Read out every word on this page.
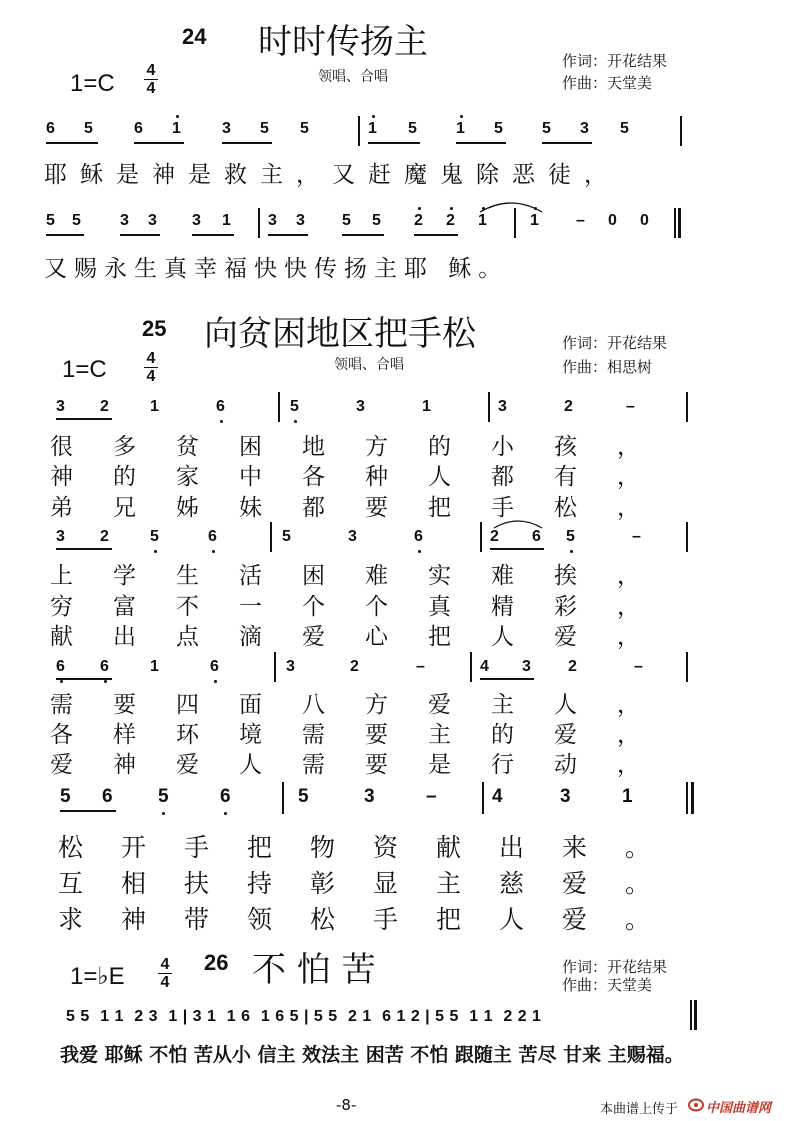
24 时时传扬主
1=C 4
4
领唱、合唱
作词：开花结果
作曲：天堂美
6 5	6 1	3 5 5	1 5 1 5 5 3 5
耶稣是神是救主，又赶魔鬼除恶徒，
5 5 3 3 3 1 3 3 5 5 2 2 1	1 – 0 0
又赐永生真幸福快快传扬主耶 稣。
25 向贫困地区把手松
1=C 4
4
领唱、合唱
作词：开花结果
作曲：相思树
3 2	1	6	5	3	1	3	2	–
很多贫困地方的小孩，
神的家中各种人都有，
弟兄姊妹都要把手松，
3 2	5	6	5	3	6	2 6 5	–
上学生活困难实难挨，
穷富不一个个真精彩，
献出点滴爱心把人爱，
6 6	1	6	3	2	–	4 3 2	–
需要四面八方爱主人，
各样环境需要主的爱，
爱神爱人需要是行动，
5 6 5	6	5	3	–	4	3	1
松开手把物资献出来。
互相扶持彰显主慈爱。
求神带领松手把人爱。
1=♭E 4
4
26 不 怕 苦	作词：开花结果
作曲：天堂美
5 5  1 1  2 3  1 | 3 1  1 6  1 6 5 | 5 5  2 1  6 1 2 | 5 5  1 1  2 2 1
我爱 耶稣 不怕 苦从小 信主 效法主 困苦 不怕 跟随主 苦尽 甘来 主赐福。
-8-	本曲谱上传于 中国曲谱网
